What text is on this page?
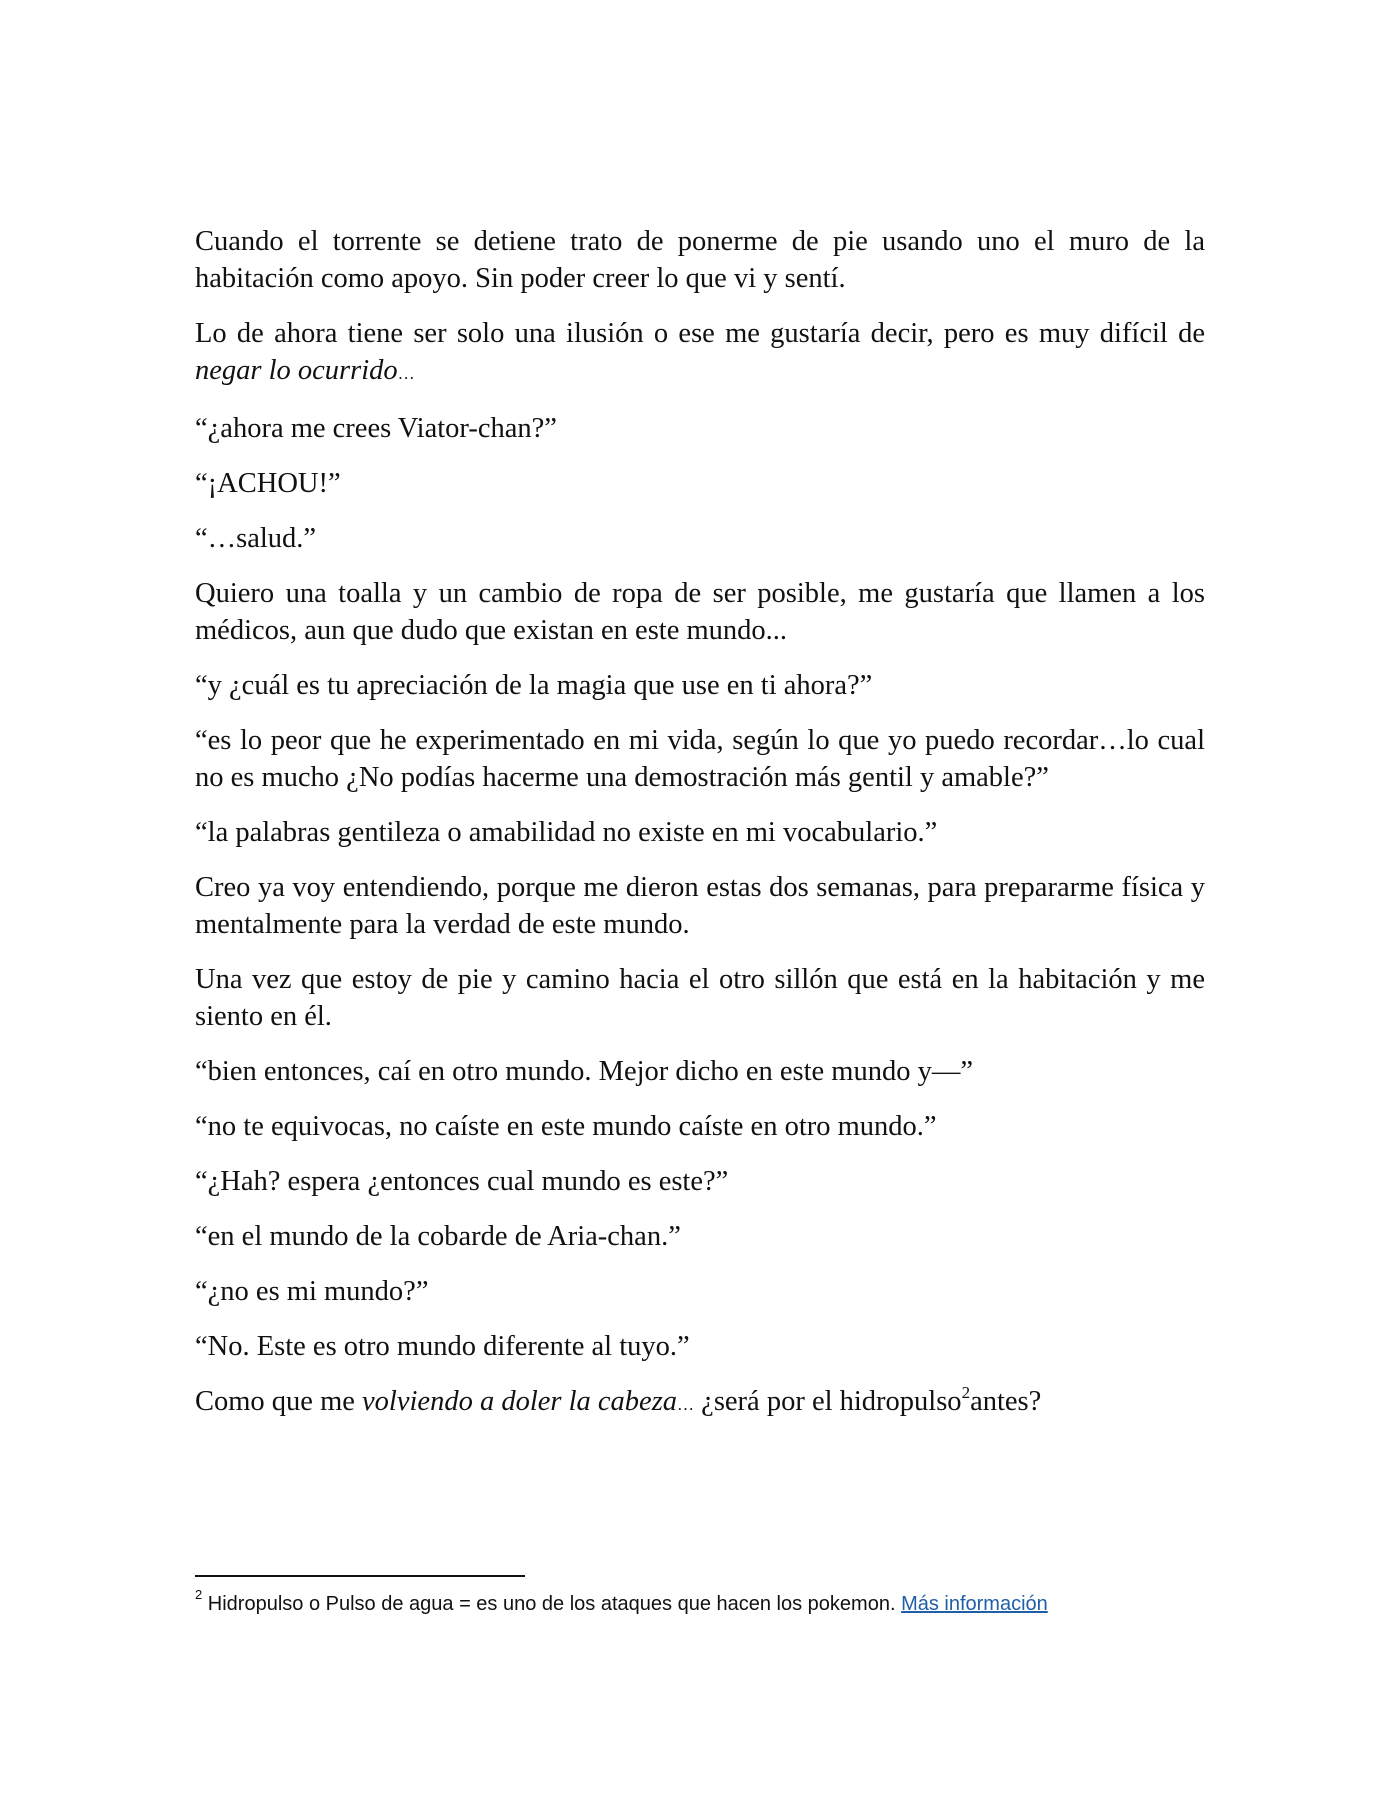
Cuando el torrente se detiene trato de ponerme de pie usando uno el muro de la habitación como apoyo. Sin poder creer lo que vi y sentí.

Lo de ahora tiene ser solo una ilusión o ese me gustaría decir, pero es muy difícil de negar lo ocurrido…

“¿ahora me crees Viator-chan?”

“¡ACHOU!”

“…salud.”

Quiero una toalla y un cambio de ropa de ser posible, me gustaría que llamen a los médicos, aun que dudo que existan en este mundo...

“y ¿cuál es tu apreciación de la magia que use en ti ahora?”

“es lo peor que he experimentado en mi vida, según lo que yo puedo recordar…lo cual no es mucho ¿No podías hacerme una demostración más gentil y amable?”

“la palabras gentileza o amabilidad no existe en mi vocabulario.”

Creo ya voy entendiendo, porque me dieron estas dos semanas, para prepararme física y mentalmente para la verdad de este mundo.

Una vez que estoy de pie y camino hacia el otro sillón que está en la habitación y me siento en él.

“bien entonces, caí en otro mundo. Mejor dicho en este mundo y—”

“no te equivocas, no caíste en este mundo caíste en otro mundo.”

“¿Hah? espera ¿entonces cual mundo es este?”

“en el mundo de la cobarde de Aria-chan.”

“¿no es mi mundo?”

“No. Este es otro mundo diferente al tuyo.”

Como que me volviendo a doler la cabeza… ¿será por el hidropulso$^2$antes?

$^2$ Hidropulso o Pulso de agua = es uno de los ataques que hacen los pokemon. Más información
